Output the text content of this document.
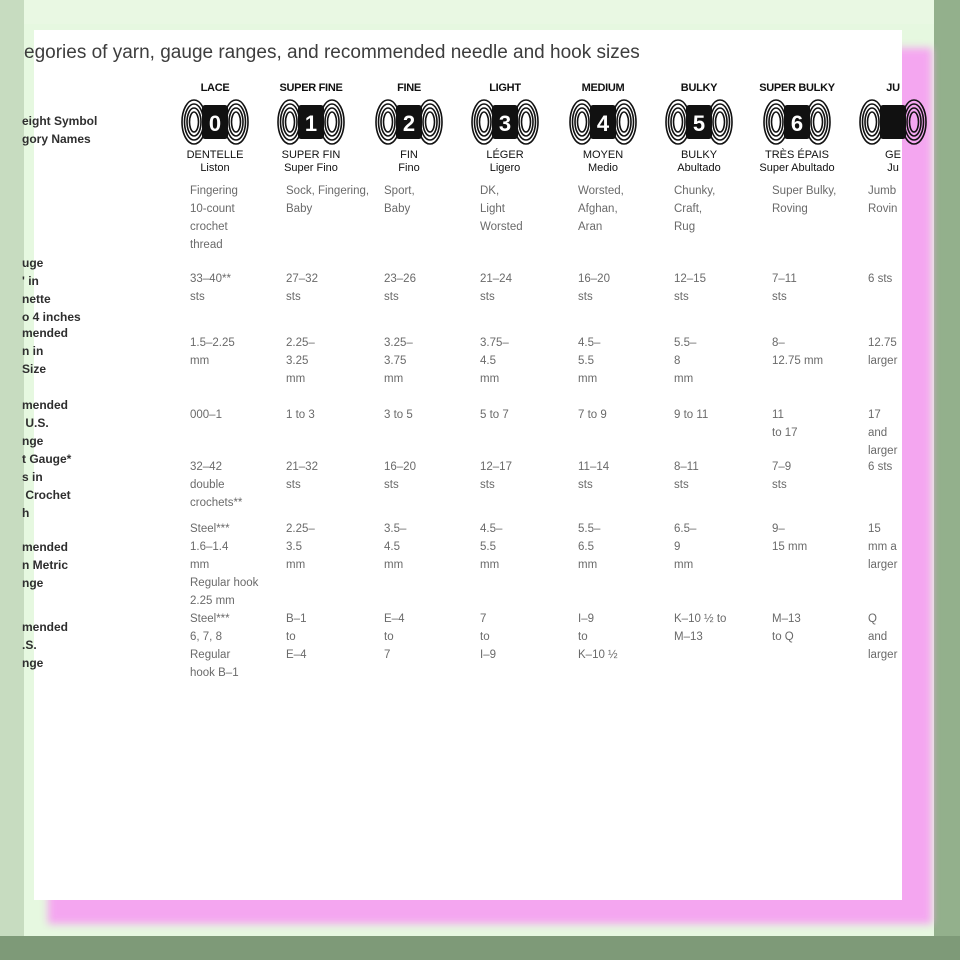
egories of yarn, gauge ranges, and recommended needle and hook sizes
eight Symbol
gory Names
uge
' in
nette
o 4 inches
mended
n in
Size
mended
U.S.
nge
t Gauge*
s in
Crochet
h
mended
n Metric
nge
mended
.S.
nge
LACE
0
DENTELLE
Liston
Fingering
10-count
crochet
thread
33–40**
sts
1.5–2.25
mm
000–1
32–42
double
crochets**
Steel***
1.6–1.4
mm
Regular hook
2.25 mm
Steel***
6, 7, 8
Regular
hook B–1
SUPER FINE
1
SUPER FIN
Super Fino
Sock, Fingering,
Baby
27–32
sts
2.25–
3.25
mm
1 to 3
21–32
sts
2.25–
3.5
mm
B–1
to
E–4
FINE
2
FIN
Fino
Sport,
Baby
23–26
sts
3.25–
3.75
mm
3 to 5
16–20
sts
3.5–
4.5
mm
E–4
to
7
LIGHT
3
LÉGER
Ligero
DK,
Light
Worsted
21–24
sts
3.75–
4.5
mm
5 to 7
12–17
sts
4.5–
5.5
mm
7
to
I–9
MEDIUM
4
MOYEN
Medio
Worsted,
Afghan,
Aran
16–20
sts
4.5–
5.5
mm
7 to 9
11–14
sts
5.5–
6.5
mm
I–9
to
K–10 ½
BULKY
5
BULKY
Abultado
Chunky,
Craft,
Rug
12–15
sts
5.5–
8
mm
9 to 11
8–11
sts
6.5–
9
mm
K–10 ½ to
M–13
SUPER BULKY
6
TRÈS ÉPAIS
Super Abultado
Super Bulky,
Roving
7–11
sts
8–
12.75 mm
11
to 17
7–9
sts
9–
15 mm
M–13
to Q
JU
GE
Ju
Jumb
Rovin
6 sts
12.75
larger
17
and
larger
6 sts
15
mm a
larger
Q
and
larger
